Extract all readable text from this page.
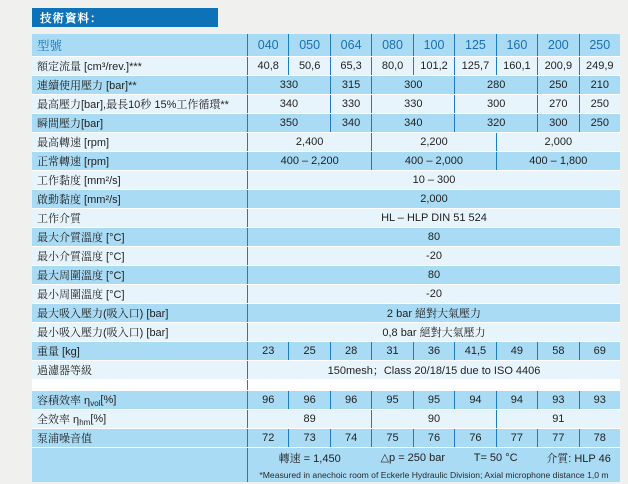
技術資料：
型號	040	050	064	080	100	125	160	200	250
額定流量 [cm³/rev.]***	40,8	50,6	65,3	80,0	101,2	125,7	160,1	200,9	249,9
連續使用壓力 [bar]**	330	315	300	280	250	210
最高壓力[bar],最長10秒 15%工作循環**	340	330	330	300	270	250
瞬間壓力[bar]	350	340	340	320	300	250
最高轉速 [rpm]	2,400	2,200	2,000
正常轉速 [rpm]	400 – 2,200	400 – 2,000	400 – 1,800
工作黏度 [mm²/s]	10 – 300
啟動黏度 [mm²/s]	2,000
工作介質	HL – HLP DIN 51 524
最大介質溫度 [°C]	80
最小介質溫度 [°C]	-20
最大周圍溫度 [°C]	80
最小周圍溫度 [°C]	-20
最大吸入壓力(吸入口) [bar]	2 bar 絕對大氣壓力
最小吸入壓力(吸入口) [bar]	0,8 bar 絕對大氣壓力
重量 [kg]	23	25	28	31	36	41,5	49	58	69
過濾器等級	150mesh；Class 20/18/15 due to ISO 4406
容積效率 η vol [%]	96	96	96	95	95	94	94	93	93
全效率 η hm [%]	89	90	91
泵浦噪音值	72	73	74	75	76	76	77	77	78
轉速 = 1,450	△p = 250 bar	T= 50 °C	介質: HLP 46
*Measured in anechoic room of Eckerle Hydraulic Division; Axial microphone distance 1,0 m
